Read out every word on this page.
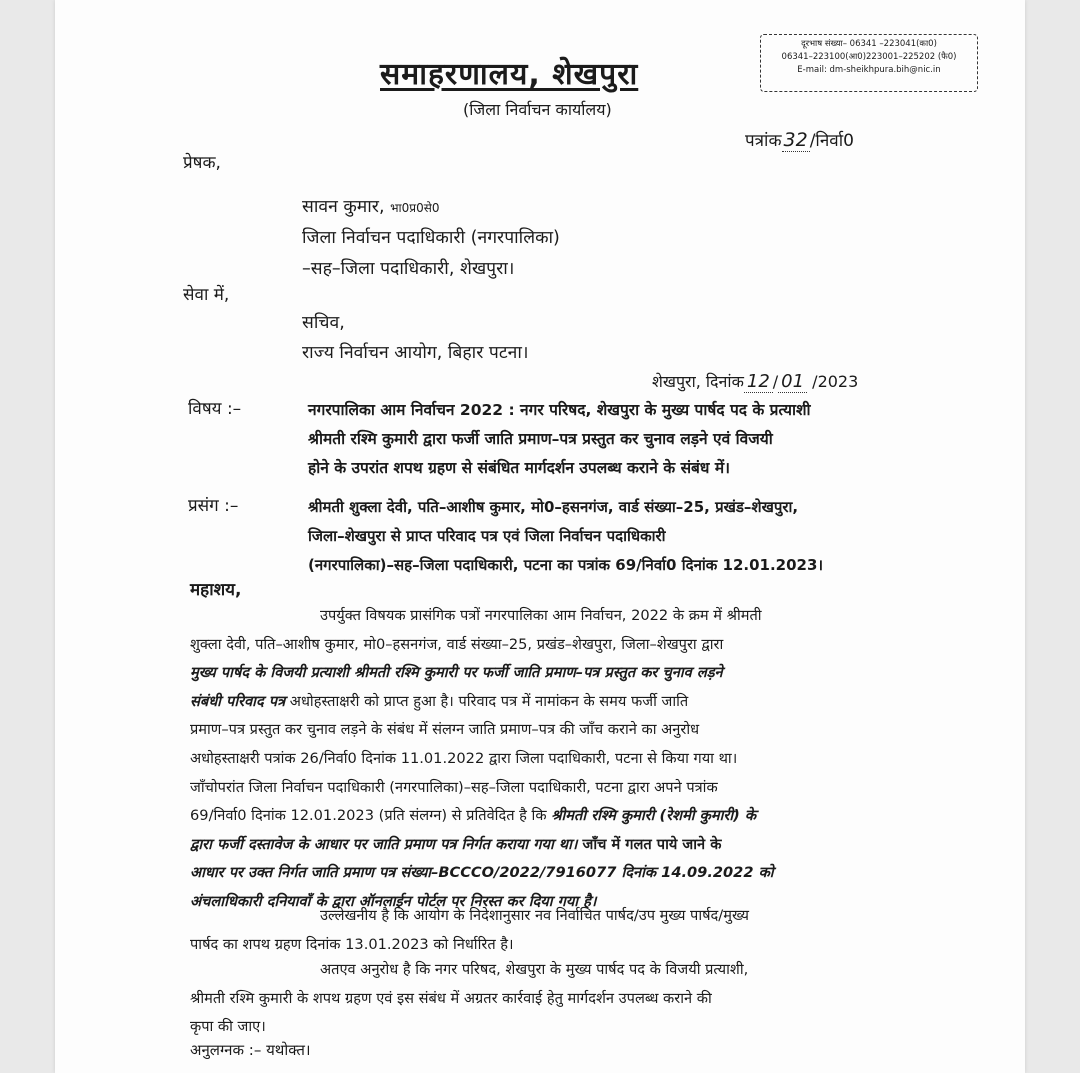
समाहरणालय, शेखपुरा
(जिला निर्वाचन कार्यालय)
दूरभाष संख्या– 06341 –223041(का0)
06341–223100(आ0)223001–225202 (फै0)
E-mail: dm-sheikhpura.bih@nic.in
पत्रांक 32 /निर्वा0
प्रेषक,
सावन कुमार, भा0प्र0से0
जिला निर्वाचन पदाधिकारी (नगरपालिका)
–सह–जिला पदाधिकारी, शेखपुरा।
सेवा में,
सचिव,
राज्य निर्वाचन आयोग, बिहार पटना।
शेखपुरा, दिनांक 12 / 01 /2023
विषय :–	नगरपालिका आम निर्वाचन 2022 : नगर परिषद, शेखपुरा के मुख्य पार्षद पद के प्रत्याशी
श्रीमती रश्मि कुमारी द्वारा फर्जी जाति प्रमाण–पत्र प्रस्तुत कर चुनाव लड़ने एवं विजयी
होने के उपरांत शपथ ग्रहण से संबंधित मार्गदर्शन उपलब्ध कराने के संबंध में।
प्रसंग :–	श्रीमती शुक्ला देवी, पति–आशीष कुमार, मो0–हसनगंज, वार्ड संख्या–25, प्रखंड–शेखपुरा,
जिला–शेखपुरा से प्राप्त परिवाद पत्र एवं जिला निर्वाचन पदाधिकारी
(नगरपालिका)–सह–जिला पदाधिकारी, पटना का पत्रांक 69/निर्वा0 दिनांक 12.01.2023।
महाशय,
उपर्युक्त विषयक प्रासंगिक पत्रों नगरपालिका आम निर्वाचन, 2022 के क्रम में श्रीमती
शुक्ला देवी, पति–आशीष कुमार, मो0–हसनगंज, वार्ड संख्या–25, प्रखंड–शेखपुरा, जिला–शेखपुरा द्वारा
मुख्य पार्षद के विजयी प्रत्याशी श्रीमती रश्मि कुमारी पर फर्जी जाति प्रमाण–पत्र प्रस्तुत कर चुनाव लड़ने
संबंधी परिवाद पत्र अधोहस्ताक्षरी को प्राप्त हुआ है। परिवाद पत्र में नामांकन के समय फर्जी जाति
प्रमाण–पत्र प्रस्तुत कर चुनाव लड़ने के संबंध में संलग्न जाति प्रमाण–पत्र की जाँच कराने का अनुरोध
अधोहस्ताक्षरी पत्रांक 26/निर्वा0 दिनांक 11.01.2022 द्वारा जिला पदाधिकारी, पटना से किया गया था।
जाँचोपरांत जिला निर्वाचन पदाधिकारी (नगरपालिका)–सह–जिला पदाधिकारी, पटना द्वारा अपने पत्रांक
69/निर्वा0 दिनांक 12.01.2023 (प्रति संलग्न) से प्रतिवेदित है कि श्रीमती रश्मि कुमारी (रेशमी कुमारी) के
द्वारा फर्जी दस्तावेज के आधार पर जाति प्रमाण पत्र निर्गत कराया गया था। जाँच में गलत पाये जाने के
आधार पर उक्त निर्गत जाति प्रमाण पत्र संख्या–BCCCO/2022/7916077 दिनांक 14.09.2022 को
अंचलाधिकारी दनियावाँ के द्वारा ऑनलाईन पोर्टल पर निरस्त कर दिया गया है।
उल्लेखनीय है कि आयोग के निदेशानुसार नव निर्वाचित पार्षद/उप मुख्य पार्षद/मुख्य
पार्षद का शपथ ग्रहण दिनांक 13.01.2023 को निर्धारित है।
अतएव अनुरोध है कि नगर परिषद, शेखपुरा के मुख्य पार्षद पद के विजयी प्रत्याशी,
श्रीमती रश्मि कुमारी के शपथ ग्रहण एवं इस संबंध में अग्रतर कार्रवाई हेतु मार्गदर्शन उपलब्ध कराने की
कृपा की जाए।
अनुलग्नक :– यथोक्त।
